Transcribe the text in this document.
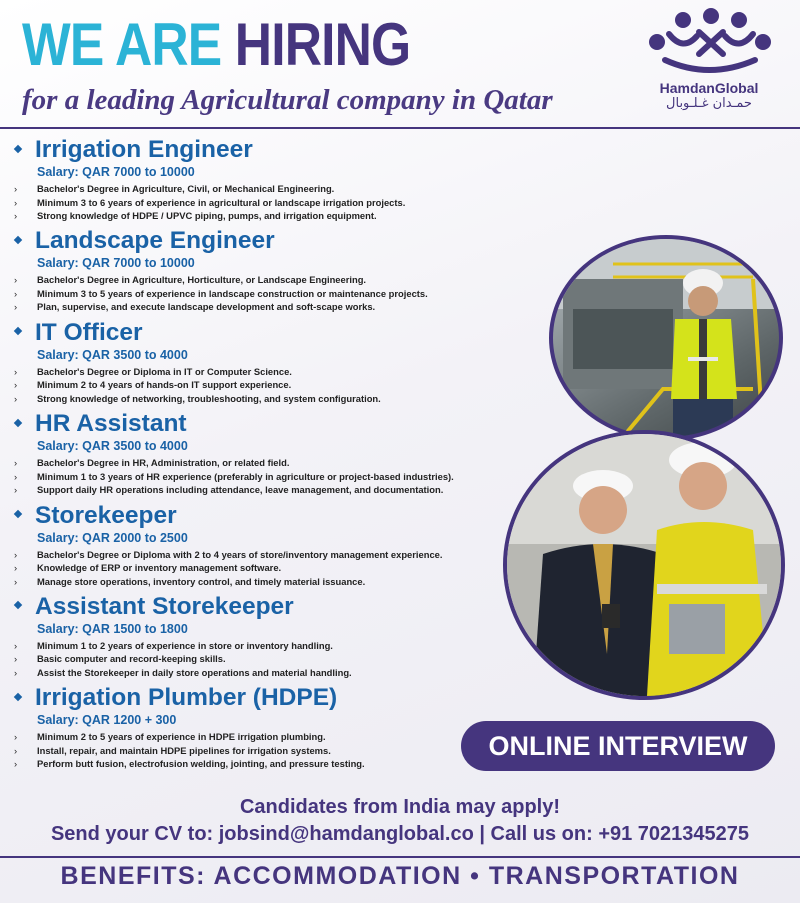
WE ARE HIRING
for a leading Agricultural company in Qatar	HamdanGlobal
حمـدان غـلـوبال
Irrigation Engineer
Salary: QAR 7000 to 10000
› Bachelor's Degree in Agriculture, Civil, or Mechanical Engineering.
› Minimum 3 to 6 years of experience in agricultural or landscape irrigation projects.
› Strong knowledge of HDPE / UPVC piping, pumps, and irrigation equipment.
Landscape Engineer
Salary: QAR 7000 to 10000
› Bachelor's Degree in Agriculture, Horticulture, or Landscape Engineering.
› Minimum 3 to 5 years of experience in landscape construction or maintenance projects.
› Plan, supervise, and execute landscape development and soft-scape works.
IT Officer
Salary: QAR 3500 to 4000
› Bachelor's Degree or Diploma in IT or Computer Science.
› Minimum 2 to 4 years of hands-on IT support experience.
› Strong knowledge of networking, troubleshooting, and system configuration.
HR Assistant
Salary: QAR 3500 to 4000
› Bachelor's Degree in HR, Administration, or related field.
› Minimum 1 to 3 years of HR experience (preferably in agriculture or project-based industries).
› Support daily HR operations including attendance, leave management, and documentation.
Storekeeper
Salary: QAR 2000 to 2500
› Bachelor's Degree or Diploma with 2 to 4 years of store/inventory management experience.
› Knowledge of ERP or inventory management software.
› Manage store operations, inventory control, and timely material issuance.
Assistant Storekeeper
Salary: QAR 1500 to 1800
› Minimum 1 to 2 years of experience in store or inventory handling.
› Basic computer and record-keeping skills.
› Assist the Storekeeper in daily store operations and material handling.
Irrigation Plumber (HDPE)
Salary: QAR 1200 + 300
› Minimum 2 to 5 years of experience in HDPE irrigation plumbing.
› Install, repair, and maintain HDPE pipelines for irrigation systems.
› Perform butt fusion, electrofusion welding, jointing, and pressure testing.
ONLINE INTERVIEW
Candidates from India may apply!
Send your CV to: jobsind@hamdanglobal.co | Call us on: +91 7021345275
BENEFITS: ACCOMMODATION • TRANSPORTATION
